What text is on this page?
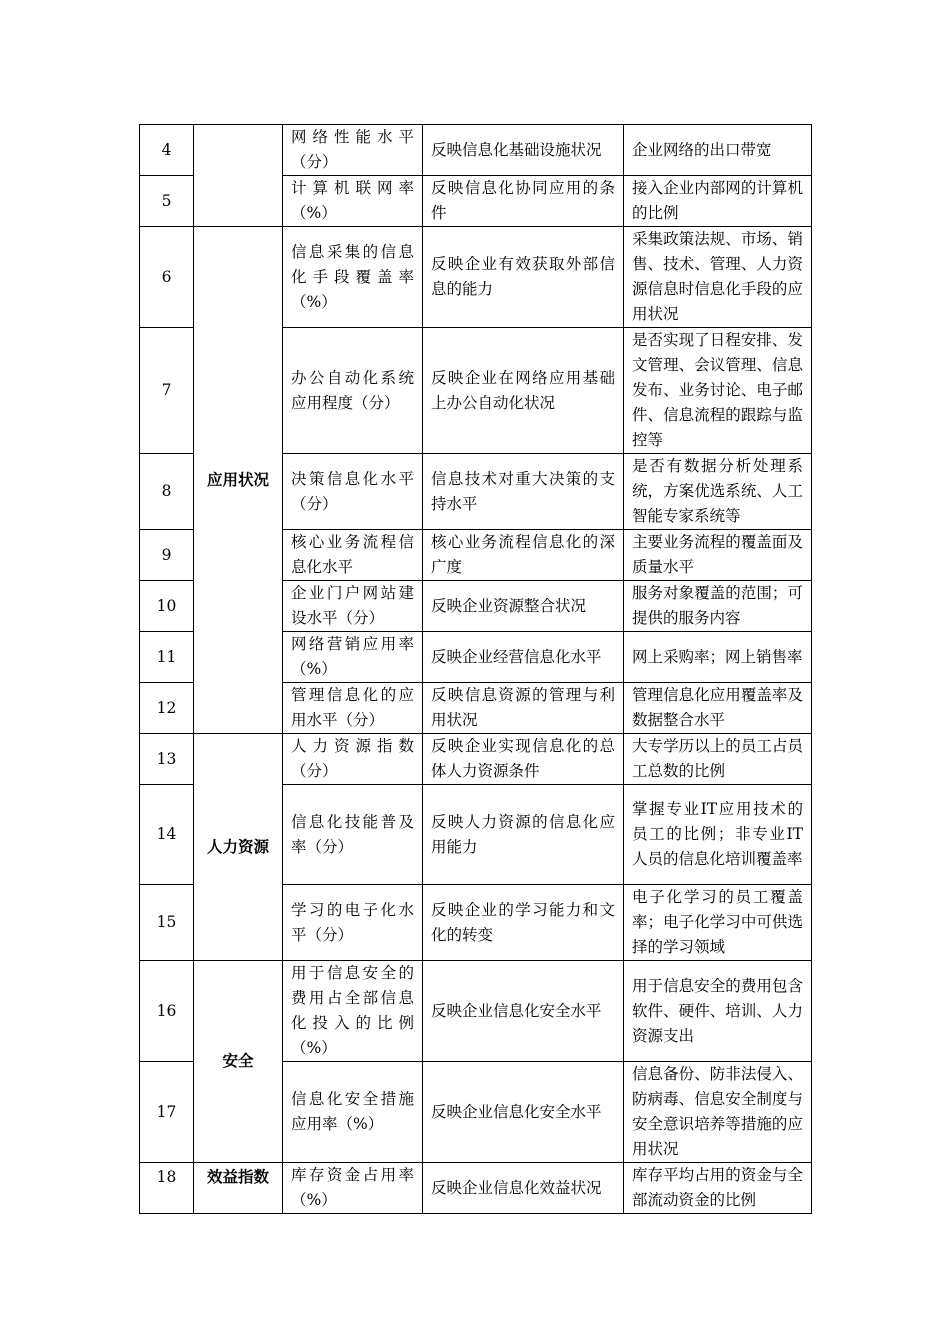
4		网络性能水平（分）	反映信息化基础设施状况	企业网络的出口带宽
5		计算机联网率（%）	反映信息化协同应用的条件	接入企业内部网的计算机的比例
6	应用状况	信息采集的信息化手段覆盖率（%）	反映企业有效获取外部信息的能力	采集政策法规、市场、销售、技术、管理、人力资源信息时信息化手段的应用状况
7		办公自动化系统应用程度（分）	反映企业在网络应用基础上办公自动化状况	是否实现了日程安排、发文管理、会议管理、信息发布、业务讨论、电子邮件、信息流程的跟踪与监控等
8		决策信息化水平（分）	信息技术对重大决策的支持水平	是否有数据分析处理系统，方案优选系统、人工智能专家系统等
9		核心业务流程信息化水平	核心业务流程信息化的深广度	主要业务流程的覆盖面及质量水平
10		企业门户网站建设水平（分）	反映企业资源整合状况	服务对象覆盖的范围；可提供的服务内容
11		网络营销应用率（%）	反映企业经营信息化水平	网上采购率；网上销售率
12		管理信息化的应用水平（分）	反映信息资源的管理与利用状况	管理信息化应用覆盖率及数据整合水平
13	人力资源	人力资源指数（分）	反映企业实现信息化的总体人力资源条件	大专学历以上的员工占员工总数的比例
14		信息化技能普及率（分）	反映人力资源的信息化应用能力	掌握专业IT应用技术的员工的比例；非专业IT人员的信息化培训覆盖率
15		学习的电子化水平（分）	反映企业的学习能力和文化的转变	电子化学习的员工覆盖率；电子化学习中可供选择的学习领域
16	安全	用于信息安全的费用占全部信息化投入的比例（%）	反映企业信息化安全水平	用于信息安全的费用包含软件、硬件、培训、人力资源支出
17		信息化安全措施应用率（%）	反映企业信息化安全水平	信息备份、防非法侵入、防病毒、信息安全制度与安全意识培养等措施的应用状况
18	效益指数	库存资金占用率（%）	反映企业信息化效益状况	库存平均占用的资金与全部流动资金的比例
